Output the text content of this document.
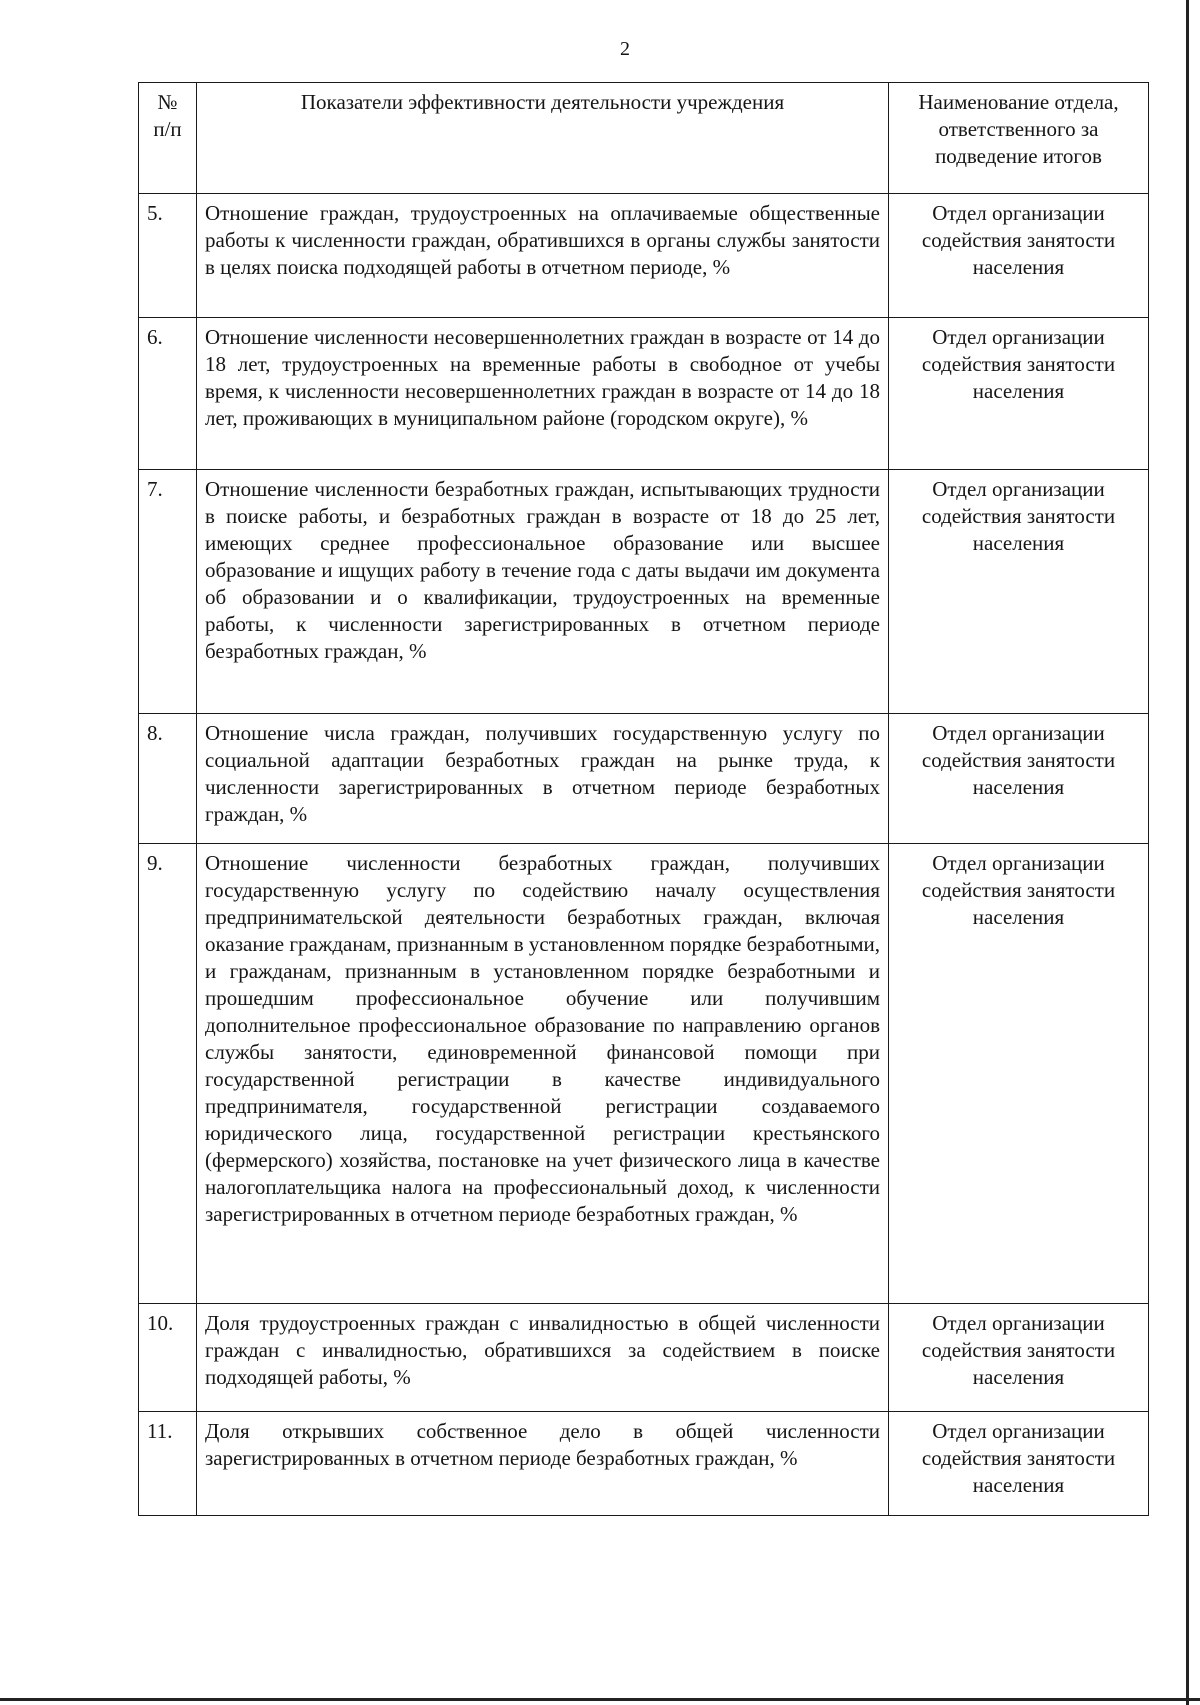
2
№ п/п	Показатели эффективности деятельности учреждения	Наименование отдела, ответственного за подведение итогов
5.	Отношение граждан, трудоустроенных на оплачиваемые общественные работы к численности граждан, обратившихся в органы службы занятости в целях поиска подходящей работы в отчетном периоде, %	Отдел организации содействия занятости населения
6.	Отношение численности несовершеннолетних граждан в возрасте от 14 до 18 лет, трудоустроенных на временные работы в свободное от учебы время, к численности несовершеннолетних граждан в возрасте от 14 до 18 лет, проживающих в муниципальном районе (городском округе), %	Отдел организации содействия занятости населения
7.	Отношение численности безработных граждан, испытывающих трудности в поиске работы, и безработных граждан в возрасте от 18 до 25 лет, имеющих среднее профессиональное образование или высшее образование и ищущих работу в течение года с даты выдачи им документа об образовании и о квалификации, трудоустроенных на временные работы, к численности зарегистрированных в отчетном периоде безработных граждан, %	Отдел организации содействия занятости населения
8.	Отношение числа граждан, получивших государственную услугу по социальной адаптации безработных граждан на рынке труда, к численности зарегистрированных в отчетном периоде безработных граждан, %	Отдел организации содействия занятости населения
9.	Отношение численности безработных граждан, получивших государственную услугу по содействию началу осуществления предпринимательской деятельности безработных граждан, включая оказание гражданам, признанным в установленном порядке безработными, и гражданам, признанным в установленном порядке безработными и прошедшим профессиональное обучение или получившим дополнительное профессиональное образование по направлению органов службы занятости, единовременной финансовой помощи при государственной регистрации в качестве индивидуального предпринимателя, государственной регистрации создаваемого юридического лица, государственной регистрации крестьянского (фермерского) хозяйства, постановке на учет физического лица в качестве налогоплательщика налога на профессиональный доход, к численности зарегистрированных в отчетном периоде безработных граждан, %	Отдел организации содействия занятости населения
10.	Доля трудоустроенных граждан с инвалидностью в общей численности граждан с инвалидностью, обратившихся за содействием в поиске подходящей работы, %	Отдел организации содействия занятости населения
11.	Доля открывших собственное дело в общей численности зарегистрированных в отчетном периоде безработных граждан, %	Отдел организации содействия занятости населения
